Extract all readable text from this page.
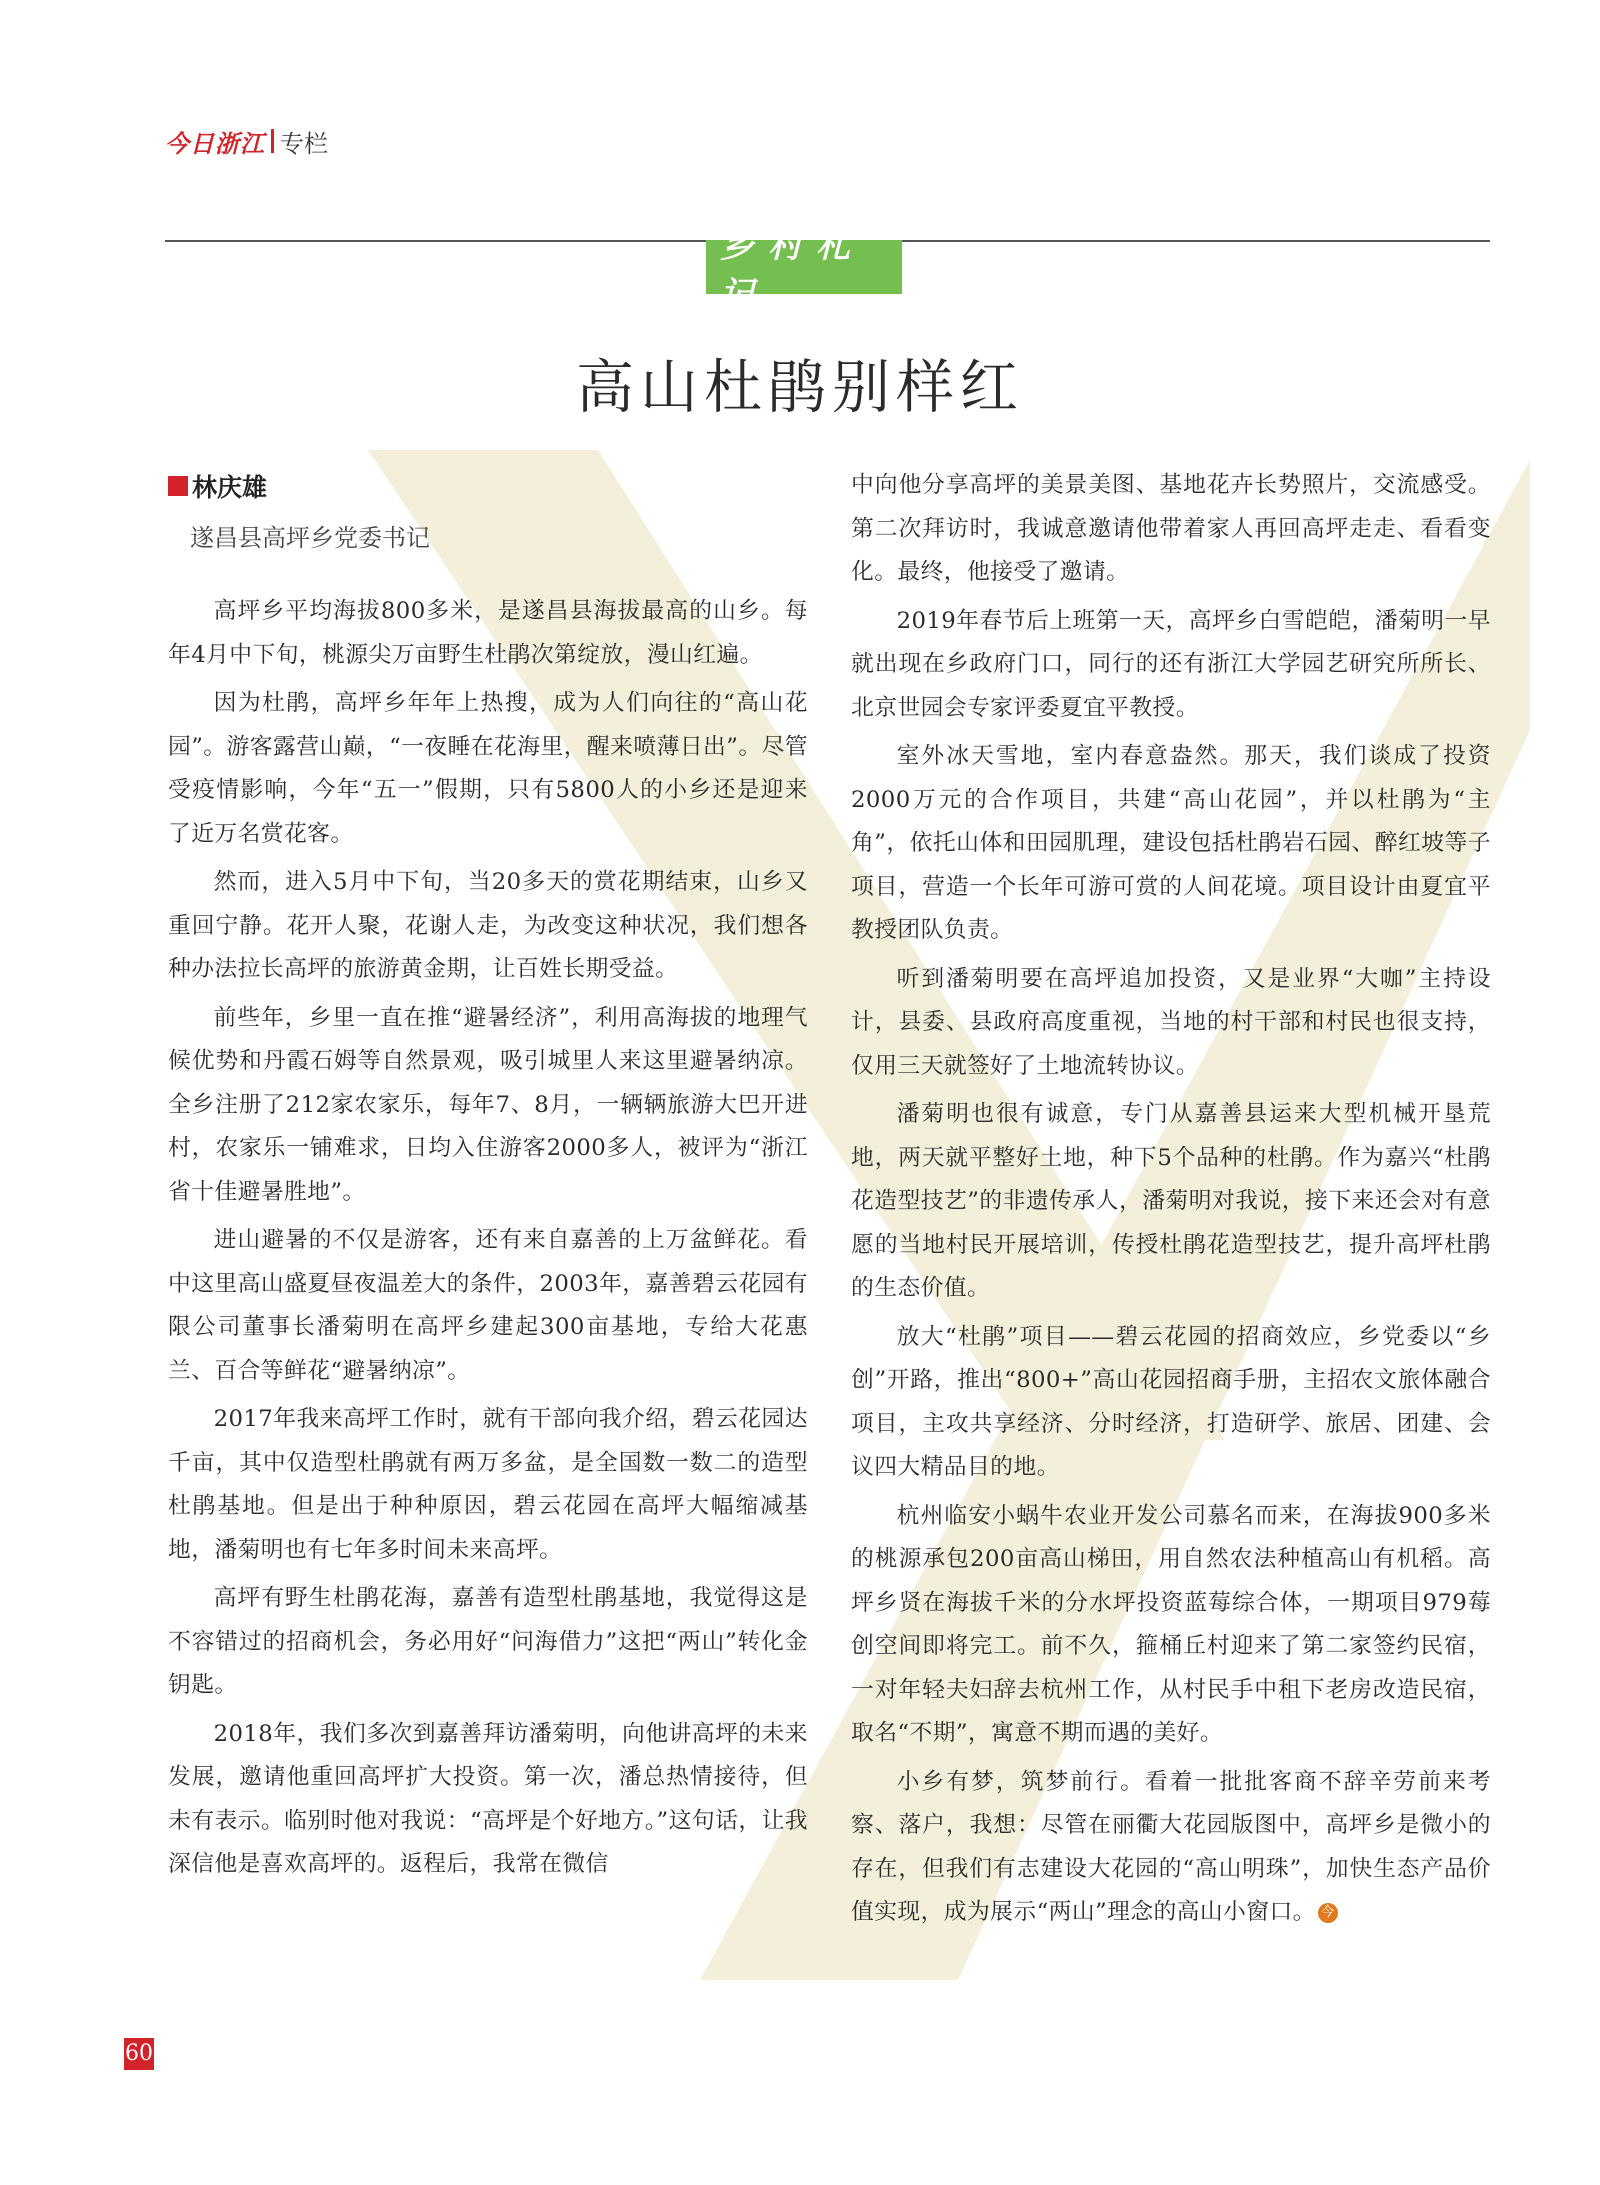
今日浙江 专栏
乡村札记
高山杜鹃别样红
林庆雄
遂昌县高坪乡党委书记

高坪乡平均海拔800多米，是遂昌县海拔最高的山乡。每年4月中下旬，桃源尖万亩野生杜鹃次第绽放，漫山红遍。

因为杜鹃，高坪乡年年上热搜，成为人们向往的“高山花园”。游客露营山巅，“一夜睡在花海里，醒来喷薄日出”。尽管受疫情影响，今年“五一”假期，只有5800人的小乡还是迎来了近万名赏花客。

然而，进入5月中下旬，当20多天的赏花期结束，山乡又重回宁静。花开人聚，花谢人走，为改变这种状况，我们想各种办法拉长高坪的旅游黄金期，让百姓长期受益。

前些年，乡里一直在推“避暑经济”，利用高海拔的地理气候优势和丹霞石姆等自然景观，吸引城里人来这里避暑纳凉。全乡注册了212家农家乐，每年7、8月，一辆辆旅游大巴开进村，农家乐一铺难求，日均入住游客2000多人，被评为“浙江省十佳避暑胜地”。

进山避暑的不仅是游客，还有来自嘉善的上万盆鲜花。看中这里高山盛夏昼夜温差大的条件，2003年，嘉善碧云花园有限公司董事长潘菊明在高坪乡建起300亩基地，专给大花惠兰、百合等鲜花“避暑纳凉”。

2017年我来高坪工作时，就有干部向我介绍，碧云花园达千亩，其中仅造型杜鹃就有两万多盆，是全国数一数二的造型杜鹃基地。但是出于种种原因，碧云花园在高坪大幅缩减基地，潘菊明也有七年多时间未来高坪。

高坪有野生杜鹃花海，嘉善有造型杜鹃基地，我觉得这是不容错过的招商机会，务必用好“问海借力”这把“两山”转化金钥匙。

2018年，我们多次到嘉善拜访潘菊明，向他讲高坪的未来发展，邀请他重回高坪扩大投资。第一次，潘总热情接待，但未有表示。临别时他对我说：“高坪是个好地方。”这句话，让我深信他是喜欢高坪的。返程后，我常在微信

中向他分享高坪的美景美图、基地花卉长势照片，交流感受。第二次拜访时，我诚意邀请他带着家人再回高坪走走、看看变化。最终，他接受了邀请。

2019年春节后上班第一天，高坪乡白雪皑皑，潘菊明一早就出现在乡政府门口，同行的还有浙江大学园艺研究所所长、北京世园会专家评委夏宜平教授。

室外冰天雪地，室内春意盎然。那天，我们谈成了投资2000万元的合作项目，共建“高山花园”，并以杜鹃为“主角”，依托山体和田园肌理，建设包括杜鹃岩石园、醉红坡等子项目，营造一个长年可游可赏的人间花境。项目设计由夏宜平教授团队负责。

听到潘菊明要在高坪追加投资，又是业界“大咖”主持设计，县委、县政府高度重视，当地的村干部和村民也很支持，仅用三天就签好了土地流转协议。

潘菊明也很有诚意，专门从嘉善县运来大型机械开垦荒地，两天就平整好土地，种下5个品种的杜鹃。作为嘉兴“杜鹃花造型技艺”的非遗传承人，潘菊明对我说，接下来还会对有意愿的当地村民开展培训，传授杜鹃花造型技艺，提升高坪杜鹃的生态价值。

放大“杜鹃”项目——碧云花园的招商效应，乡党委以“乡创”开路，推出“800+”高山花园招商手册，主招农文旅体融合项目，主攻共享经济、分时经济，打造研学、旅居、团建、会议四大精品目的地。

杭州临安小蜗牛农业开发公司慕名而来，在海拔900多米的桃源承包200亩高山梯田，用自然农法种植高山有机稻。高坪乡贤在海拔千米的分水坪投资蓝莓综合体，一期项目979莓创空间即将完工。前不久，箍桶丘村迎来了第二家签约民宿，一对年轻夫妇辞去杭州工作，从村民手中租下老房改造民宿，取名“不期”，寓意不期而遇的美好。

小乡有梦，筑梦前行。看着一批批客商不辞辛劳前来考察、落户，我想：尽管在丽衢大花园版图中，高坪乡是微小的存在，但我们有志建设大花园的“高山明珠”，加快生态产品价值实现，成为展示“两山”理念的高山小窗口。 今

60
